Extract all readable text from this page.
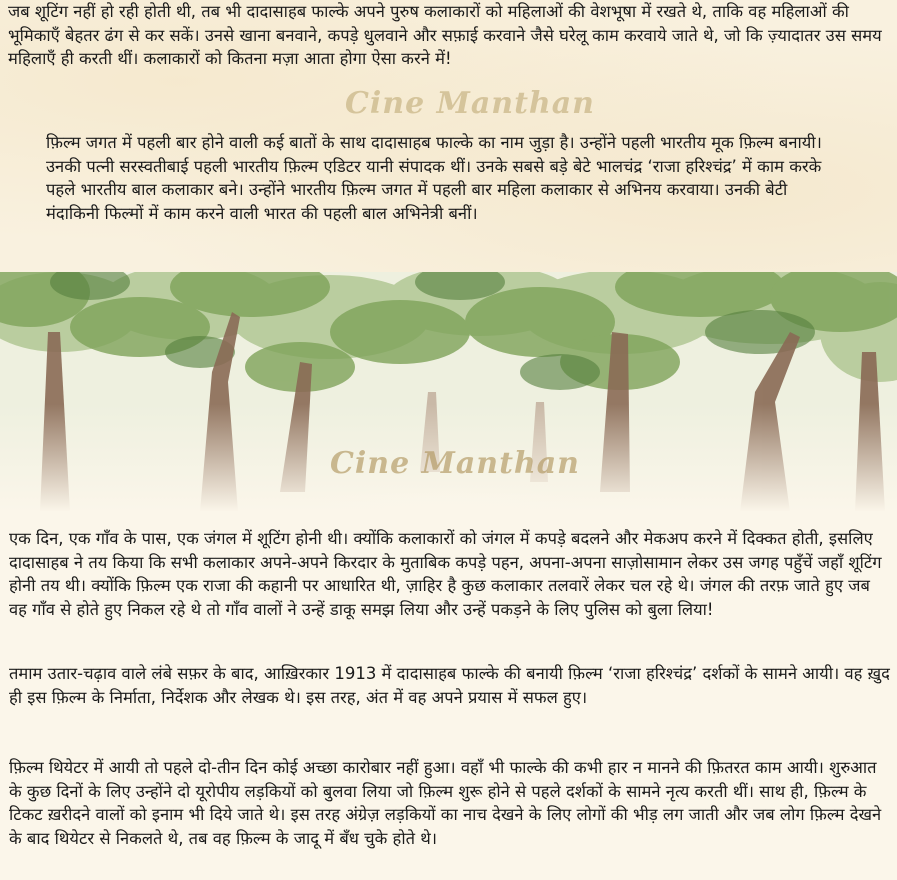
जब शूटिंग नहीं हो रही होती थी, तब भी दादासाहब फाल्के अपने पुरुष कलाकारों को महिलाओं की वेशभूषा में रखते थे, ताकि वह महिलाओं की भूमिकाएँ बेहतर ढंग से कर सकें। उनसे खाना बनवाने, कपड़े धुलवाने और सफ़ाई करवाने जैसे घरेलू काम करवाये जाते थे, जो कि ज़्यादातर उस समय महिलाएँ ही करती थीं। कलाकारों को कितना मज़ा आता होगा ऐसा करने में!

Cine Manthan

फ़िल्म जगत में पहली बार होने वाली कई बातों के साथ दादासाहब फाल्के का नाम जुड़ा है। उन्होंने पहली भारतीय मूक फ़िल्म बनायी। उनकी पत्नी सरस्वतीबाई पहली भारतीय फ़िल्म एडिटर यानी संपादक थीं। उनके सबसे बड़े बेटे भालचंद्र ‘राजा हरिश्चंद्र’ में काम करके पहले भारतीय बाल कलाकार बने। उन्होंने भारतीय फ़िल्म जगत में पहली बार महिला कलाकार से अभिनय करवाया। उनकी बेटी मंदाकिनी फिल्मों में काम करने वाली भारत की पहली बाल अभिनेत्री बनीं।

Cine Manthan

एक दिन, एक गाँव के पास, एक जंगल में शूटिंग होनी थी। क्योंकि कलाकारों को जंगल में कपड़े बदलने और मेकअप करने में दिक्कत होती, इसलिए दादासाहब ने तय किया कि सभी कलाकार अपने-अपने किरदार के मुताबिक कपड़े पहन, अपना-अपना साज़ोसामान लेकर उस जगह पहुँचें जहाँ शूटिंग होनी तय थी। क्योंकि फ़िल्म एक राजा की कहानी पर आधारित थी, ज़ाहिर है कुछ कलाकार तलवारें लेकर चल रहे थे। जंगल की तरफ़ जाते हुए जब वह गाँव से होते हुए निकल रहे थे तो गाँव वालों ने उन्हें डाकू समझ लिया और उन्हें पकड़ने के लिए पुलिस को बुला लिया!

फ़िल्म थियेटर में आयी तो पहले दो-तीन दिन कोई अच्छा कारोबार नहीं हुआ। वहाँ भी फाल्के की कभी हार न मानने की फ़ितरत काम आयी। शुरुआत के कुछ दिनों के लिए उन्होंने दो यूरोपीय लड़कियों को बुलवा लिया जो फ़िल्म शुरू होने से पहले दर्शकों के सामने नृत्य करती थीं। साथ ही, फ़िल्म के टिकट ख़रीदने वालों को इनाम भी दिये जाते थे। इस तरह अंग्रेज़ लड़कियों का नाच देखने के लिए लोगों की भीड़ लग जाती और जब लोग फ़िल्म देखने के बाद थियेटर से निकलते थे, तब वह फ़िल्म के जादू में बँध चुके होते थे।

तमाम उतार-चढ़ाव वाले लंबे सफ़र के बाद, आख़िरकार 1913 में दादासाहब फाल्के की बनायी फ़िल्म ‘राजा हरिश्चंद्र’ दर्शकों के सामने आयी। वह ख़ुद ही इस फ़िल्म के निर्माता, निर्देशक और लेखक थे। इस तरह, अंत में वह अपने प्रयास में सफल हुए।
